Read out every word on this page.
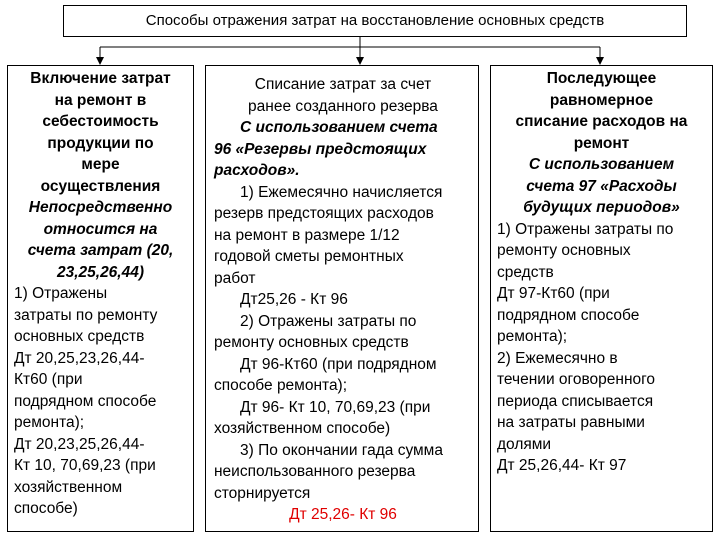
Способы отражения затрат на восстановление основных средств

Включение затрат

на ремонт в

себестоимость

продукции по

мере

осуществления

Непосредственно

относится на

счета затрат (20,

23,25,26,44)

1) Отражены

затраты по ремонту

основных средств

Дт 20,25,23,26,44-

Кт60 (при

подрядном способе

ремонта);

Дт 20,23,25,26,44-

Кт 10, 70,69,23 (при

хозяйственном

способе)

Списание затрат за счет

ранее созданного резерва

С использованием счета

96 «Резервы предстоящих

расходов».

1) Ежемесячно начисляется

резерв предстоящих расходов

на ремонт в размере 1/12

годовой сметы ремонтных

работ

Дт25,26 - Кт 96

2) Отражены затраты по

ремонту основных средств

Дт 96-Кт60 (при подрядном

способе ремонта);

Дт 96- Кт 10, 70,69,23 (при

хозяйственном способе)

3) По окончании гада сумма

неиспользованного резерва

сторнируется

Дт 25,26- Кт 96

Последующее

равномерное

списание расходов на

ремонт

С использованием

счета 97 «Расходы

будущих периодов»

1) Отражены затраты по

ремонту основных

средств

Дт 97-Кт60 (при

подрядном способе

ремонта);

2) Ежемесячно в

течении оговоренного

периода списывается

на затраты равными

долями

Дт 25,26,44- Кт 97
